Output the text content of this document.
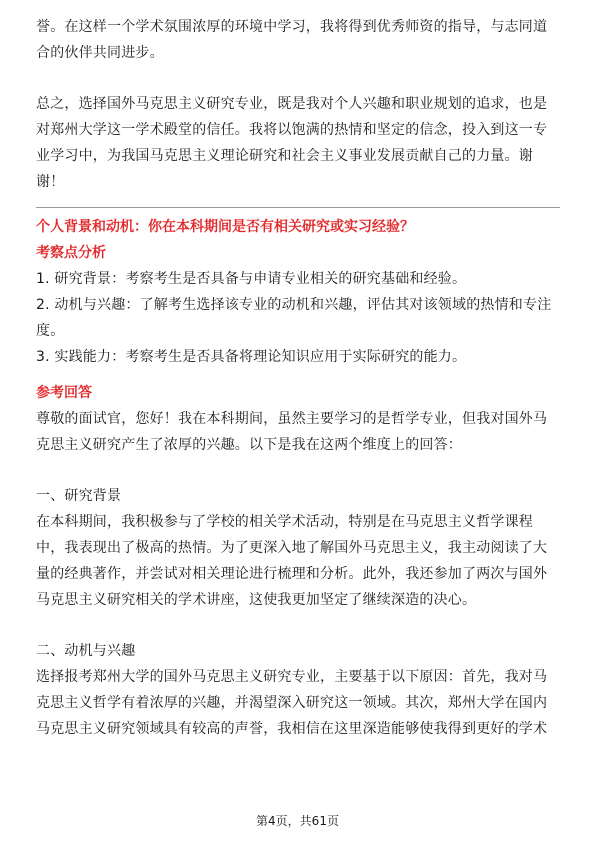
誉。在这样一个学术氛围浓厚的环境中学习，我将得到优秀师资的指导，与志同道合的伙伴共同进步。

总之，选择国外马克思主义研究专业，既是我对个人兴趣和职业规划的追求，也是对郑州大学这一学术殿堂的信任。我将以饱满的热情和坚定的信念，投入到这一专业学习中，为我国马克思主义理论研究和社会主义事业发展贡献自己的力量。谢谢！

个人背景和动机：你在本科期间是否有相关研究或实习经验？
考察点分析

1. 研究背景：考察考生是否具备与申请专业相关的研究基础和经验。

2. 动机与兴趣：了解考生选择该专业的动机和兴趣，评估其对该领域的热情和专注度。

3. 实践能力：考察考生是否具备将理论知识应用于实际研究的能力。

参考回答

尊敬的面试官，您好！我在本科期间，虽然主要学习的是哲学专业，但我对国外马克思主义研究产生了浓厚的兴趣。以下是我在这两个维度上的回答：

一、研究背景

在本科期间，我积极参与了学校的相关学术活动，特别是在马克思主义哲学课程中，我表现出了极高的热情。为了更深入地了解国外马克思主义，我主动阅读了大量的经典著作，并尝试对相关理论进行梳理和分析。此外，我还参加了两次与国外马克思主义研究相关的学术讲座，这使我更加坚定了继续深造的决心。

二、动机与兴趣

选择报考郑州大学的国外马克思主义研究专业，主要基于以下原因：首先，我对马克思主义哲学有着浓厚的兴趣，并渴望深入研究这一领域。其次，郑州大学在国内马克思主义研究领域具有较高的声誉，我相信在这里深造能够使我得到更好的学术

第4页，共61页
